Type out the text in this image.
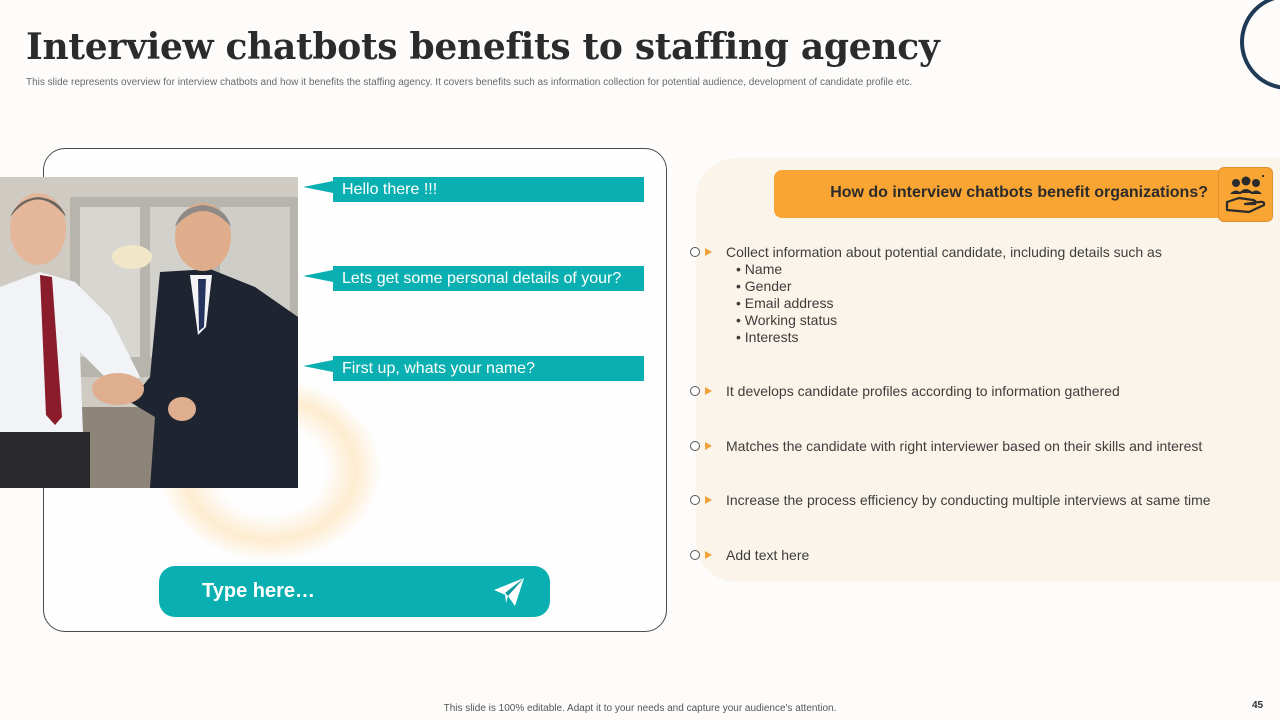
Interview chatbots benefits to staffing agency
This slide represents overview for interview chatbots and how it benefits the staffing agency. It covers benefits such as information collection for potential audience, development of candidate profile etc.
Hello there !!!
Lets get some personal details of your?
First up, whats your name?
Type here…
How do interview chatbots benefit organizations?
Collect information about potential candidate, including details such as
• Name
• Gender
• Email address
• Working status
• Interests
It develops candidate profiles according to information gathered
Matches the candidate with right interviewer based on their skills and interest
Increase the process efficiency by conducting multiple interviews at same time
Add text here
This slide is 100% editable. Adapt it to your needs and capture your audience's attention.	45
